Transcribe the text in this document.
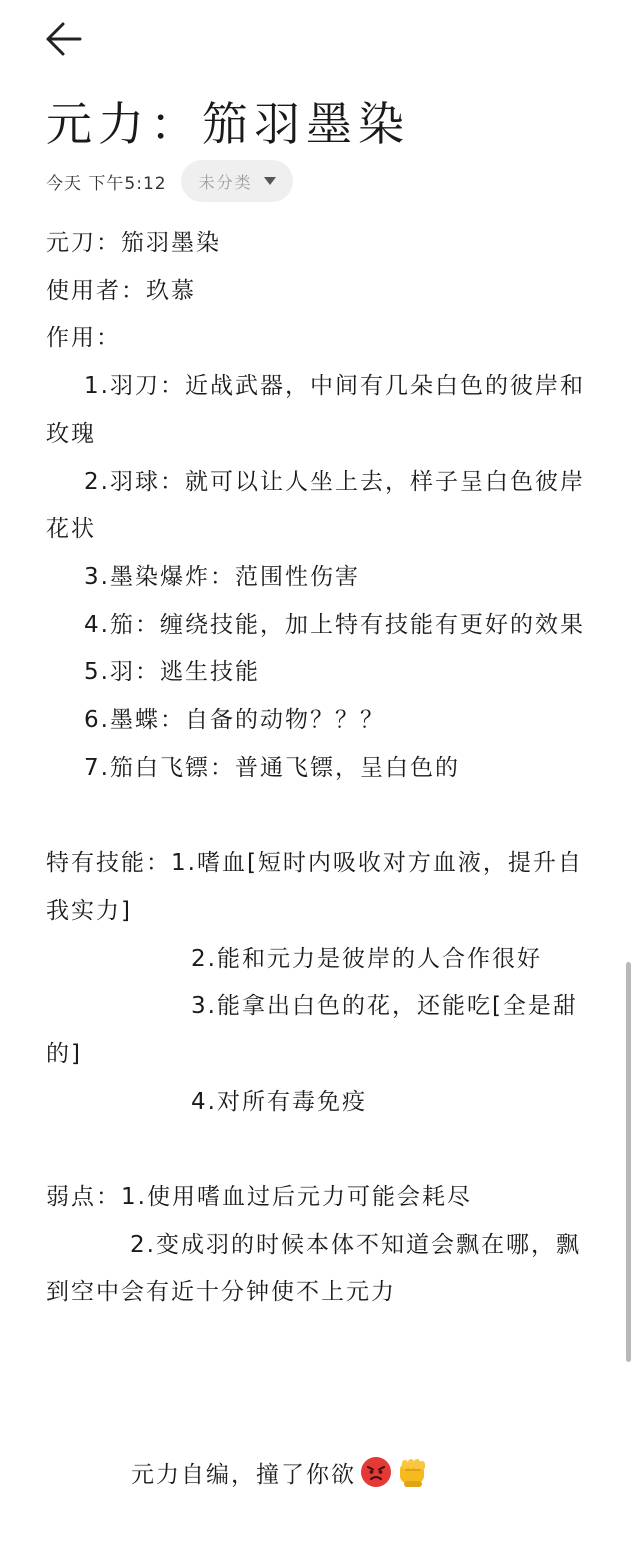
元力：笳羽墨染
今天 下午5:12 未分类
元刀：笳羽墨染
使用者：玖慕
作用：
1.羽刀：近战武器，中间有几朵白色的彼岸和玫瑰
2.羽球：就可以让人坐上去，样子呈白色彼岸花状
3.墨染爆炸：范围性伤害
4.笳：缠绕技能，加上特有技能有更好的效果
5.羽：逃生技能
6.墨蝶：自备的动物？？？
7.笳白飞镖：普通飞镖，呈白色的
特有技能：1.嗜血[短时内吸收对方血液，提升自我实力]
2.能和元力是彼岸的人合作很好
3.能拿出白色的花，还能吃[全是甜的]
4.对所有毒免疫
弱点：1.使用嗜血过后元力可能会耗尽
2.变成羽的时候本体不知道会飘在哪，飘到空中会有近十分钟使不上元力
元力自编，撞了你欲
